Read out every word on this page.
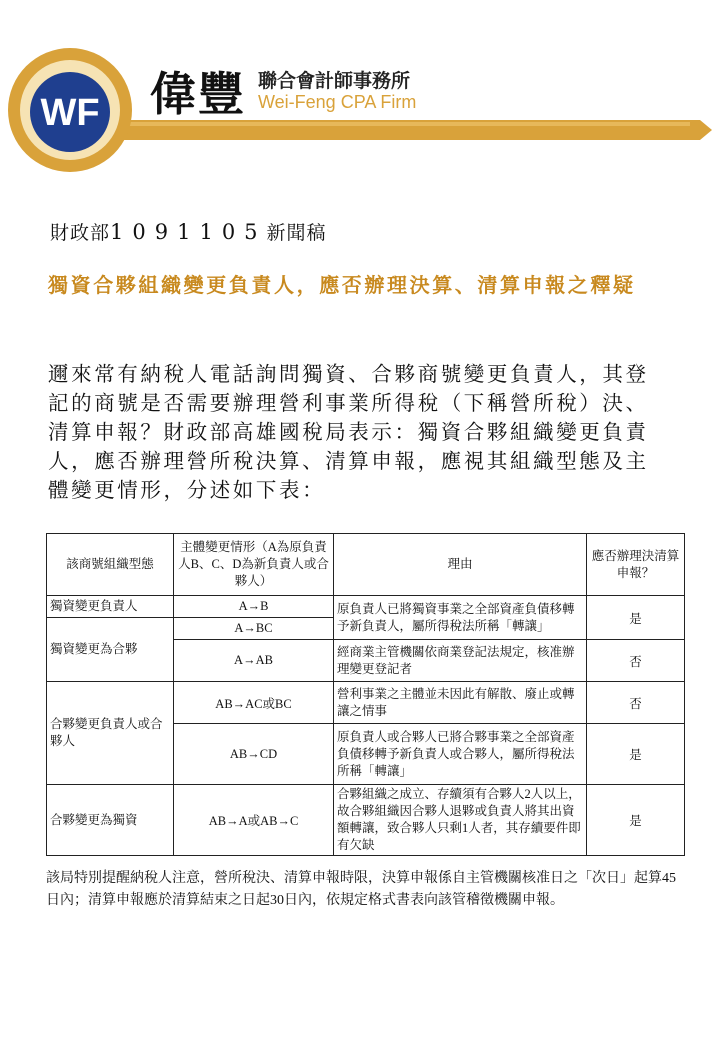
WF 偉豐 聯合會計師事務所
Wei-Feng CPA Firm
財政部1091105新聞稿
獨資合夥組織變更負責人，應否辦理決算、清算申報之釋疑
邇來常有納稅人電話詢問獨資、合夥商號變更負責人，其登記的商號是否需要辦理營利事業所得稅（下稱營所稅）決、清算申報？財政部高雄國稅局表示：獨資合夥組織變更負責人，應否辦理營所稅決算、清算申報，應視其組織型態及主體變更情形，分述如下表：
該商號組織型態	主體變更情形（A為原負責人B、C、D為新負責人或合夥人）	理由	應否辦理決清算申報？
獨資變更負責人	A→B	原負責人已將獨資事業之全部資產負債移轉予新負責人，屬所得稅法所稱「轉讓」	是
獨資變更為合夥	A→BC		
	A→AB	經商業主管機關依商業登記法規定，核准辦理變更登記者	否
合夥變更負責人或合夥人	AB→AC或BC	營利事業之主體並未因此有解散、廢止或轉讓之情事	否
	AB→CD	原負責人或合夥人已將合夥事業之全部資產負債移轉予新負責人或合夥人，屬所得稅法所稱「轉讓」	是
合夥變更為獨資	AB→A或AB→C	合夥組織之成立、存續須有合夥人2人以上，故合夥組織因合夥人退夥或負責人將其出資額轉讓，致合夥人只剩1人者，其存續要件即有欠缺	是
該局特別提醒納稅人注意，營所稅決、清算申報時限，決算申報係自主管機關核准日之「次日」起算45日內；清算申報應於清算結束之日起30日內，依規定格式書表向該管稽徵機關申報。
